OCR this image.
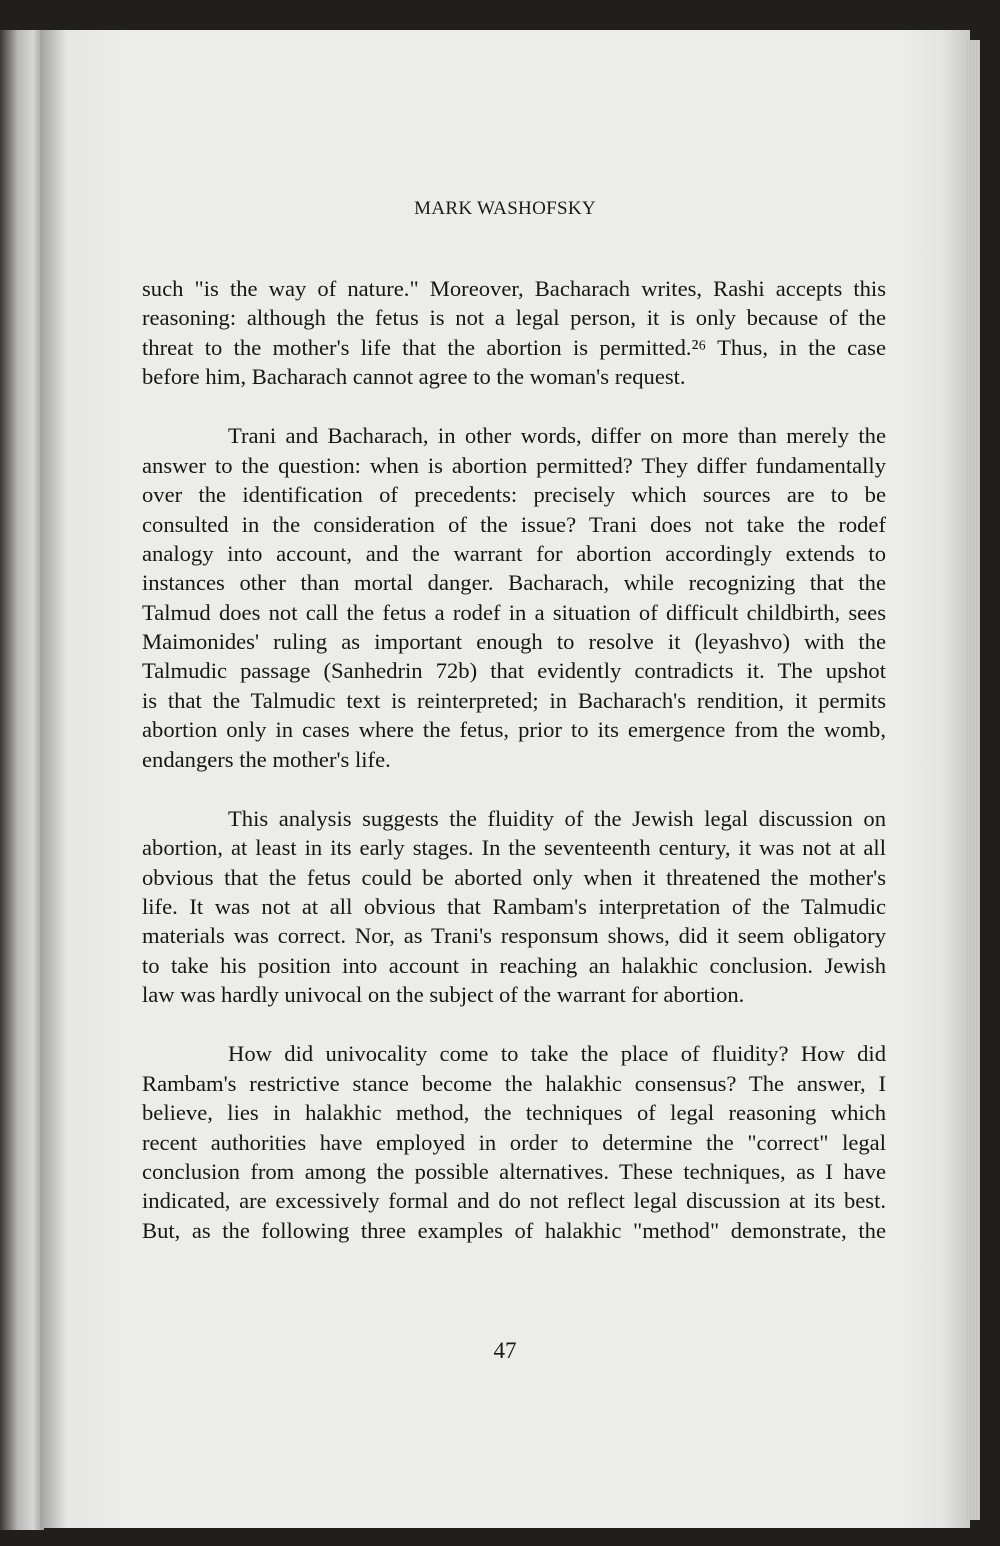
MARK WASHOFSKY
such "is the way of nature." Moreover, Bacharach writes, Rashi accepts this
reasoning: although the fetus is not a legal person, it is only because of the
threat to the mother's life that the abortion is permitted.²⁶ Thus, in the case
before him, Bacharach cannot agree to the woman's request.
Trani and Bacharach, in other words, differ on more than merely the
answer to the question: when is abortion permitted? They differ fundamentally
over the identification of precedents: precisely which sources are to be
consulted in the consideration of the issue? Trani does not take the rodef
analogy into account, and the warrant for abortion accordingly extends to
instances other than mortal danger. Bacharach, while recognizing that the
Talmud does not call the fetus a rodef in a situation of difficult childbirth, sees
Maimonides' ruling as important enough to resolve it (leyashvo) with the
Talmudic passage (Sanhedrin 72b) that evidently contradicts it. The upshot
is that the Talmudic text is reinterpreted; in Bacharach's rendition, it permits
abortion only in cases where the fetus, prior to its emergence from the womb,
endangers the mother's life.
This analysis suggests the fluidity of the Jewish legal discussion on
abortion, at least in its early stages. In the seventeenth century, it was not at all
obvious that the fetus could be aborted only when it threatened the mother's
life. It was not at all obvious that Rambam's interpretation of the Talmudic
materials was correct. Nor, as Trani's responsum shows, did it seem obligatory
to take his position into account in reaching an halakhic conclusion. Jewish
law was hardly univocal on the subject of the warrant for abortion.
How did univocality come to take the place of fluidity? How did
Rambam's restrictive stance become the halakhic consensus? The answer, I
believe, lies in halakhic method, the techniques of legal reasoning which
recent authorities have employed in order to determine the "correct" legal
conclusion from among the possible alternatives. These techniques, as I have
indicated, are excessively formal and do not reflect legal discussion at its best.
But, as the following three examples of halakhic "method" demonstrate, the
47
